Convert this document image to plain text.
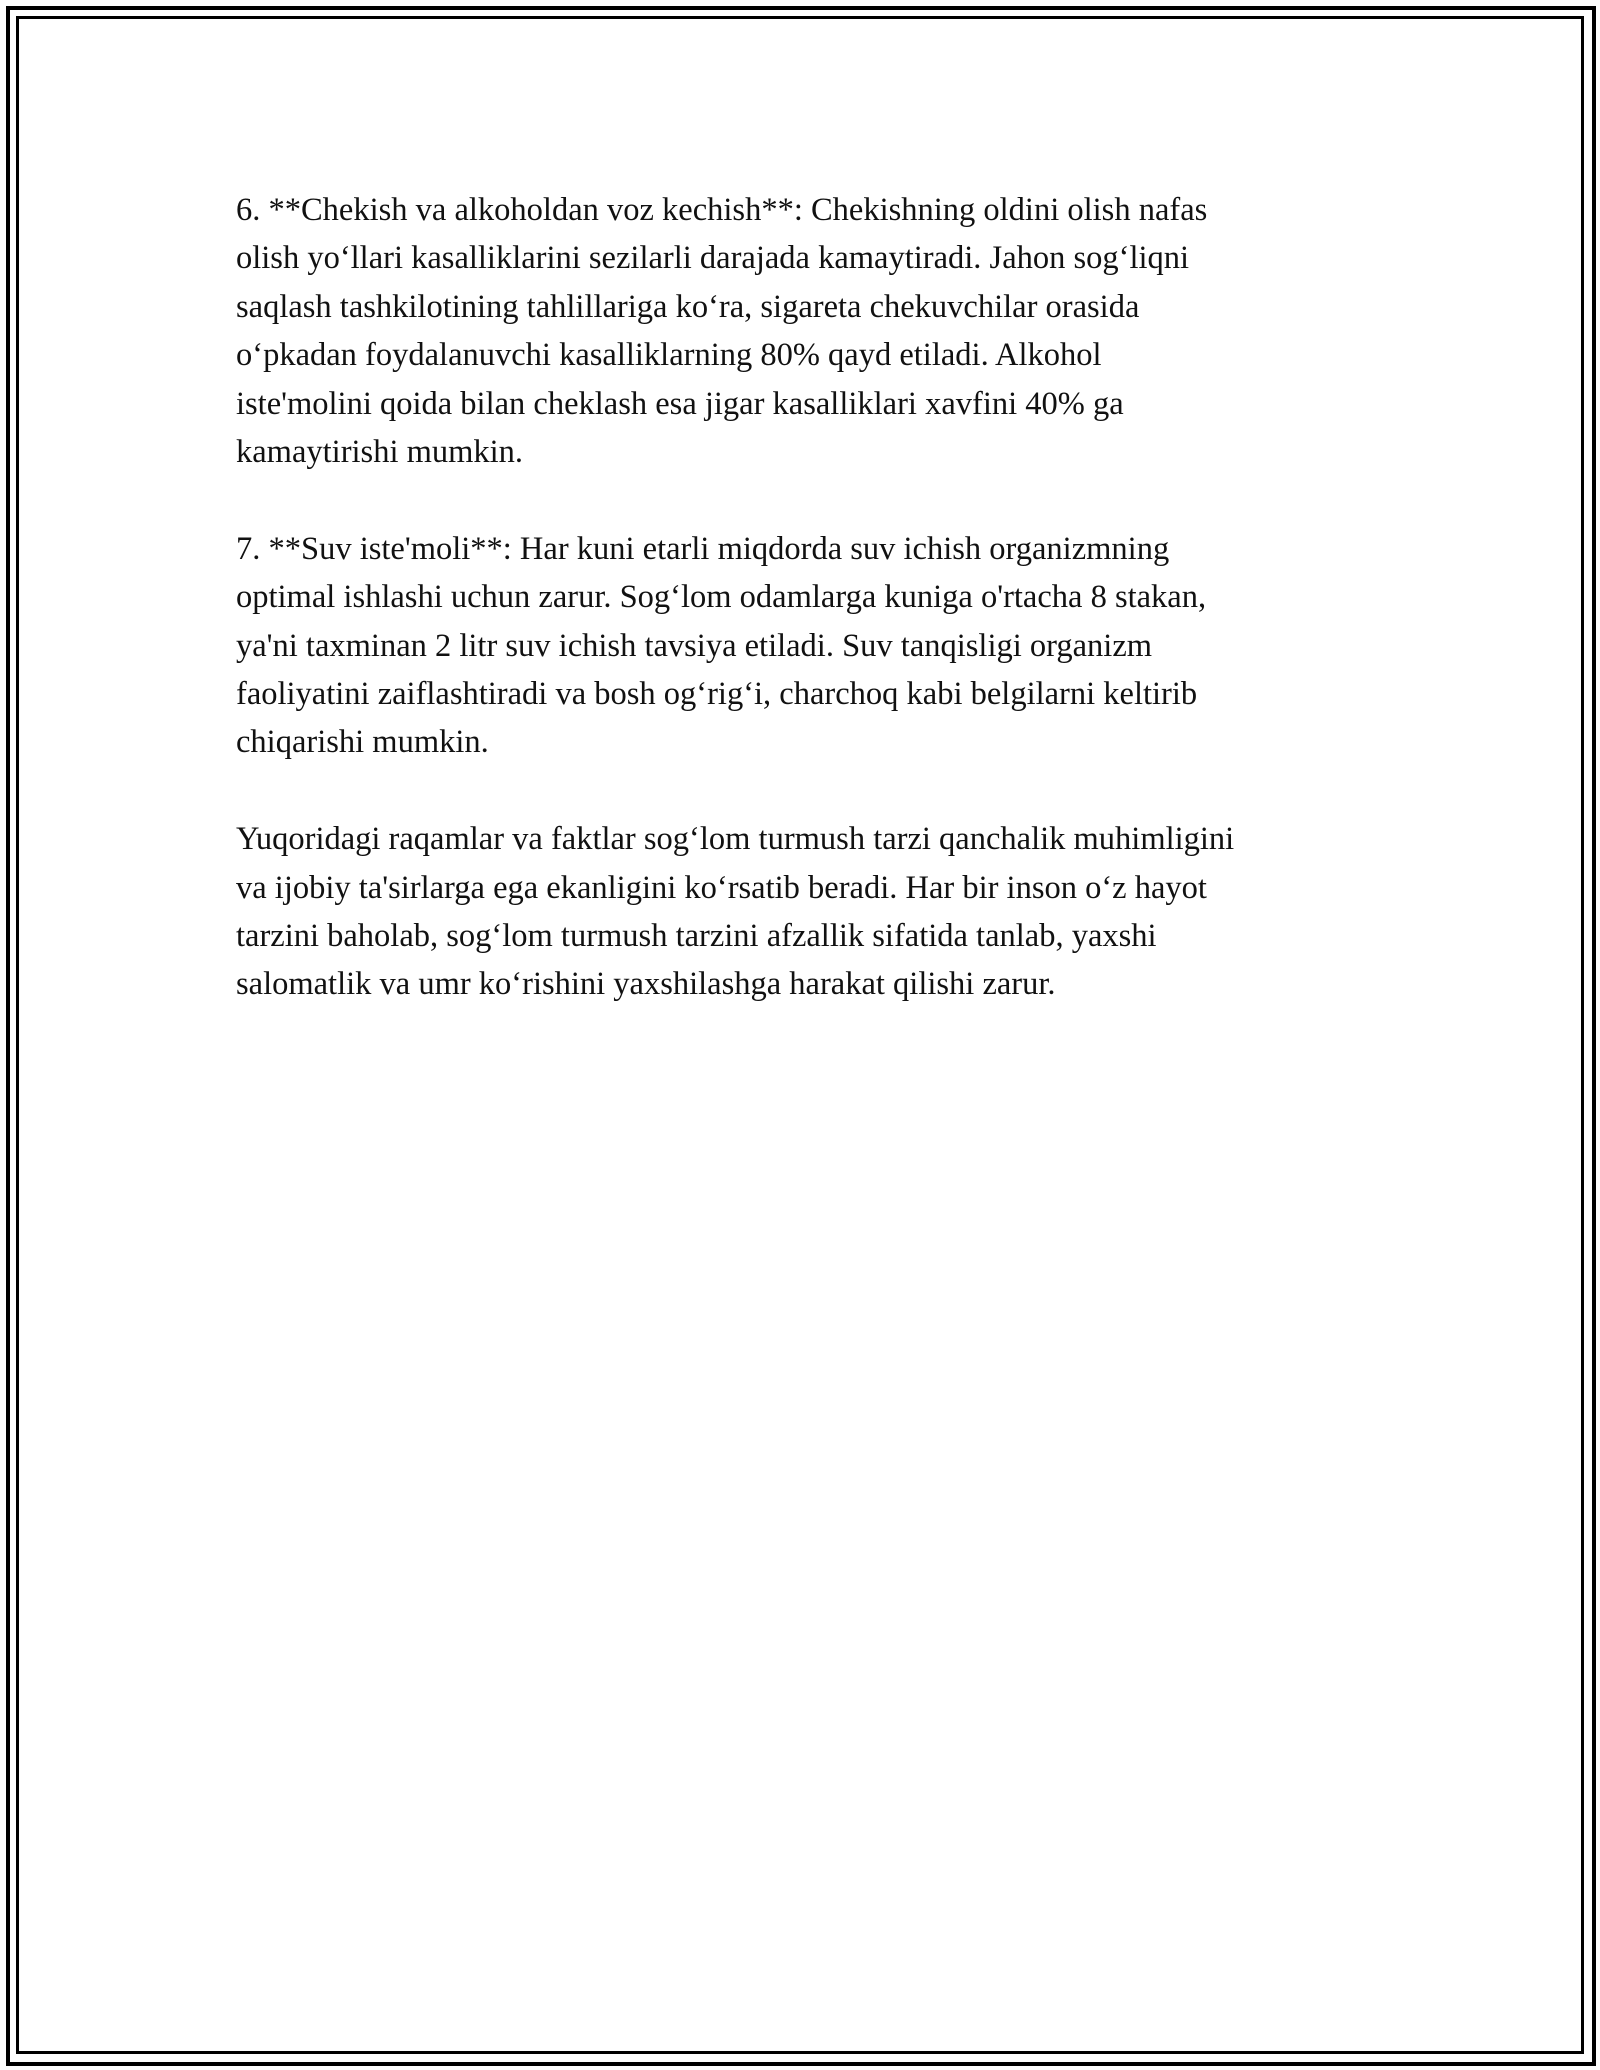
6. **Chekish va alkoholdan voz kechish**: Chekishning oldini olish nafas
olish yo‘llari kasalliklarini sezilarli darajada kamaytiradi. Jahon sog‘liqni
saqlash tashkilotining tahlillariga ko‘ra, sigareta chekuvchilar orasida
o‘pkadan foydalanuvchi kasalliklarning 80% qayd etiladi. Alkohol
iste'molini qoida bilan cheklash esa jigar kasalliklari xavfini 40% ga
kamaytirishi mumkin.

7. **Suv iste'moli**: Har kuni etarli miqdorda suv ichish organizmning
optimal ishlashi uchun zarur. Sog‘lom odamlarga kuniga o'rtacha 8 stakan,
ya'ni taxminan 2 litr suv ichish tavsiya etiladi. Suv tanqisligi organizm
faoliyatini zaiflashtiradi va bosh og‘rig‘i, charchoq kabi belgilarni keltirib
chiqarishi mumkin.

Yuqoridagi raqamlar va faktlar sog‘lom turmush tarzi qanchalik muhimligini
va ijobiy ta'sirlarga ega ekanligini ko‘rsatib beradi. Har bir inson o‘z hayot
tarzini baholab, sog‘lom turmush tarzini afzallik sifatida tanlab, yaxshi
salomatlik va umr ko‘rishini yaxshilashga harakat qilishi zarur.
